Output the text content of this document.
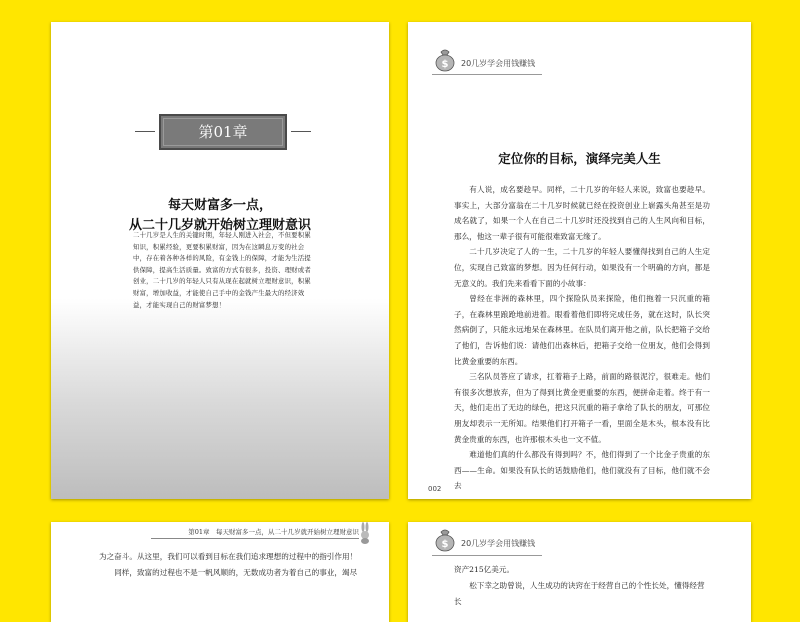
第01章
每天财富多一点，
从二十几岁就开始树立理财意识
二十几岁是人生的关键时期，年轻人刚进入社会，不但要积累知识，积累经验，更要积累财富，因为在这瞬息万变的社会中，存在着各种各样的风险，有金钱上的保障，才能为生活提供保障，提高生活质量。致富的方式有很多，投资、理财或者创业，二十几岁的年轻人只有从现在起就树立理财意识，积累财富，增加收益，才能使自己手中的金钱产生最大的经济效益，才能实现自己的财富梦想！
$ 20几岁学会用钱赚钱
定位你的目标，演绎完美人生

有人说，成名要趁早。同样，二十几岁的年轻人来说，致富也要趁早。事实上，大部分富翁在二十几岁时候就已经在投资创业上崭露头角甚至是功成名就了，如果一个人在自己二十几岁时还没找到自己的人生风向和目标，那么，他这一辈子很有可能很难致富无缘了。

二十几岁决定了人的一生，二十几岁的年轻人要懂得找到自己的人生定位，实现自己致富的梦想。因为任何行动，如果没有一个明确的方向，都是无意义的。我们先来看看下面的小故事：

曾经在非洲的森林里，四个探险队员来探险，他们拖着一只沉重的箱子，在森林里踉跄地前进着。眼看着他们即将完成任务，就在这时，队长突然病倒了，只能永远地呆在森林里。在队员们离开他之前，队长把箱子交给了他们，告诉他们说：请他们出森林后，把箱子交给一位朋友，他们会得到比黄金重要的东西。

三名队员答应了请求，扛着箱子上路，前面的路很泥泞，很难走。他们有很多次想放弃，但为了得到比黄金更重要的东西，便拼命走着。终于有一天，他们走出了无边的绿色，把这只沉重的箱子拿给了队长的朋友，可那位朋友却表示一无所知。结果他们打开箱子一看，里面全是木头，根本没有比黄金贵重的东西，也许那根木头也一文不值。

难道他们真的什么都没有得到吗？不，他们得到了一个比金子贵重的东西——生命。如果没有队长的话鼓励他们，他们就没有了目标，他们就不会去

002
第01章　每天财富多一点，从二十几岁就开始树立理财意识

为之奋斗。从这里，我们可以看到目标在我们追求理想的过程中的指引作用！

同样，致富的过程也不是一帆风顺的，无数成功者为着自己的事业，竭尽

$ 20几岁学会用钱赚钱

资产215亿美元。

松下幸之助曾说，人生成功的诀窍在于经营自己的个性长处，懂得经营长
